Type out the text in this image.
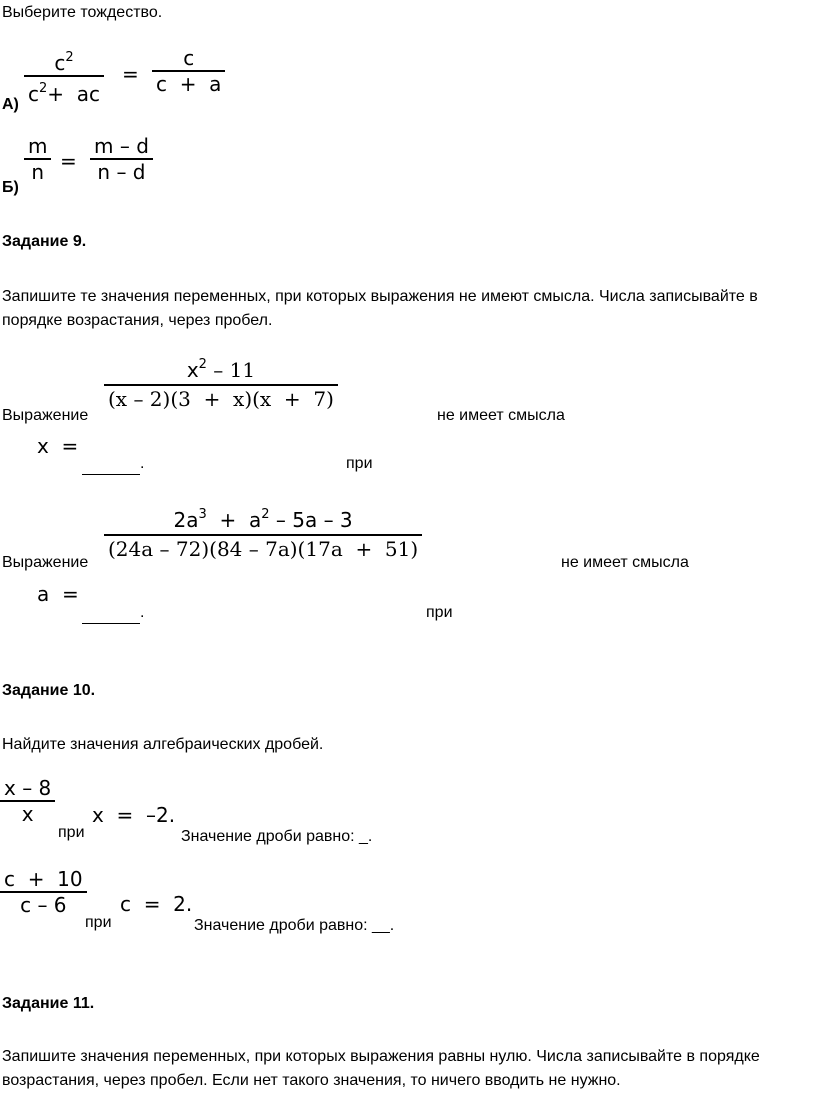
Выберите тождество.
$c^2$
$c^2+$  ac
=
c
c  +  a
А)
m
n =
m – d
n – d
Б)
Задание 9.
Запишите те значения переменных, при которых выражения не имеют смысла. Числа записывайте в
порядке возрастания, через пробел.
$x^2 - 11$
(x – 2)(3  +  x)(x  +  7)
Выражение	не имеет смысла
x  =
.	при
$2a^3 + a^2 - 5a - 3$
(24a – 72)(84 – 7a)(17a  +  51)
Выражение	не имеет смысла
a  =
.	при
Задание 10.
Найдите значения алгебраических дробей.
x – 8
x
при
x  =  –2.
Значение дроби равно: _.
c  +  10
c – 6
при
c  =  2.
Значение дроби равно: __.
Задание 11.
Запишите значения переменных, при которых выражения равны нулю. Числа записывайте в порядке
возрастания, через пробел. Если нет такого значения, то ничего вводить не нужно.
